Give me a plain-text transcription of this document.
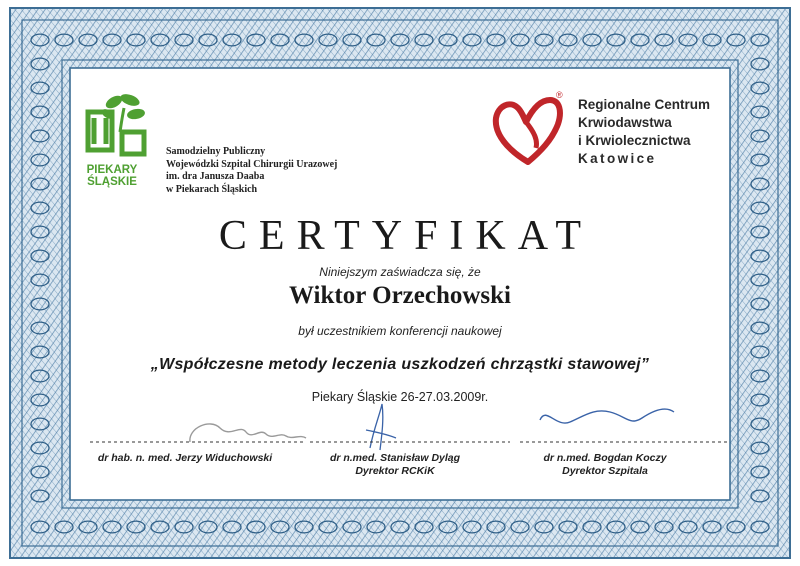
PIEKARY
ŚLĄSKIE
Samodzielny Publiczny
Wojewódzki Szpital Chirurgii Urazowej
im. dra Janusza Daaba
w Piekarach Śląskich
®
Regionalne Centrum
Krwiodawstwa
i Krwiolecznictwa
Katowice
CERTYFIKAT
Niniejszym zaświadcza się, że
Wiktor Orzechowski
był uczestnikiem konferencji naukowej
„Współczesne metody leczenia uszkodzeń chrząstki stawowej”
Piekary Śląskie 26-27.03.2009r.
dr hab. n. med. Jerzy Widuchowski	dr n.med. Stanisław Dyląg
Dyrektor RCKiK
dr n.med. Bogdan Koczy
Dyrektor Szpitala
